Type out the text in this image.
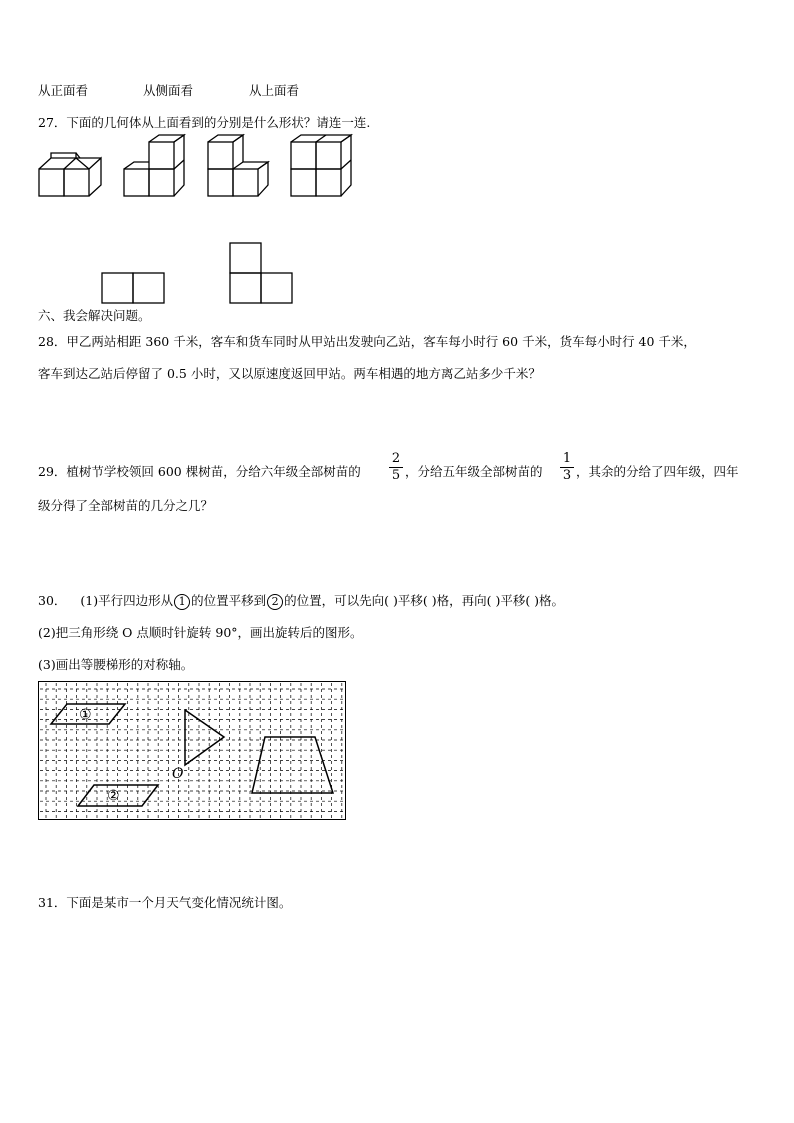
从正面看	从侧面看	从上面看
27．下面的几何体从上面看到的分别是什么形状？请连一连.
六、我会解决问题。
28．甲乙两站相距 360 千米，客车和货车同时从甲站出发驶向乙站，客车每小时行 60 千米，货车每小时行 40 千米，
客车到达乙站后停留了 0.5 小时，又以原速度返回甲站。两车相遇的地方离乙站多少千米？
29．植树节学校领回 600 棵树苗，分给六年级全部树苗的
2
5 ，分给五年级全部树苗的
1
3 ，其余的分给了四年级，四年
级分得了全部树苗的几分之几？
30． (1)平行四边形从 1 的位置平移到 2 的位置，可以先向( )平移( )格，再向( )平移( )格。
(2)把三角形绕 O 点顺时针旋转 90°，画出旋转后的图形。
(3)画出等腰梯形的对称轴。
①
②
O
31．下面是某市一个月天气变化情况统计图。
